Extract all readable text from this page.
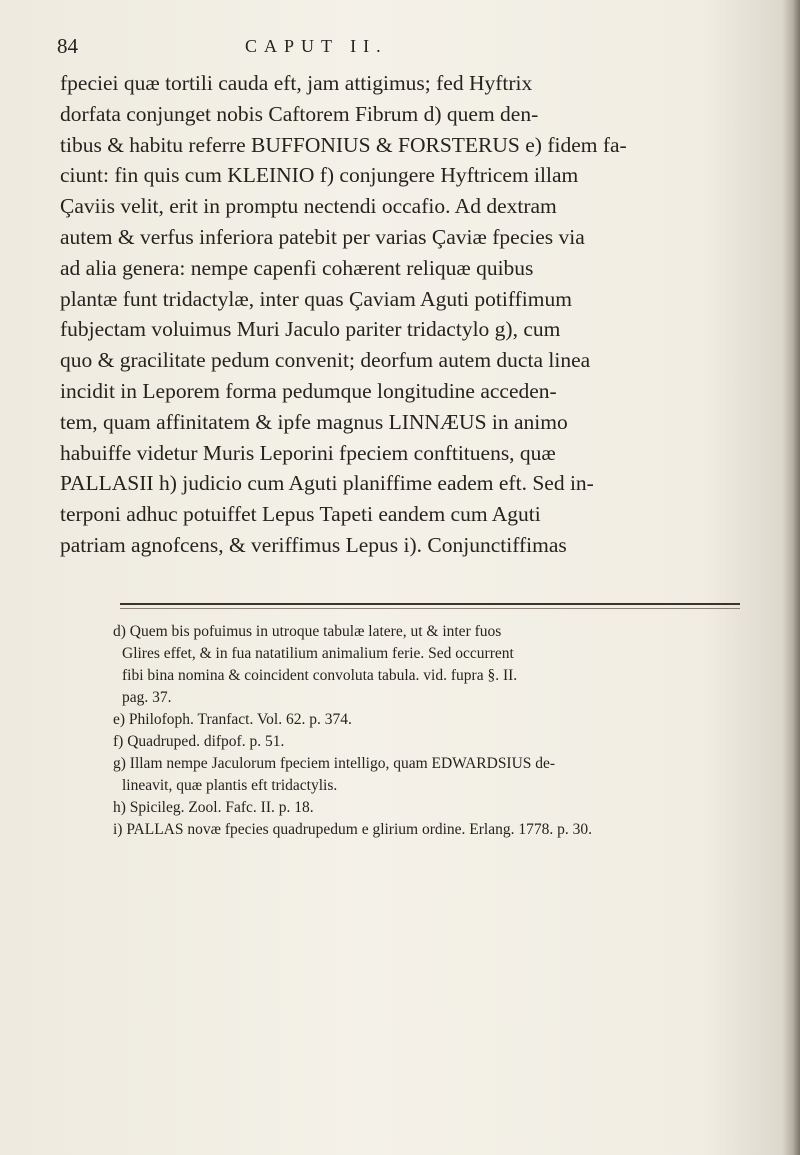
84	CAPUT II.
fpeciei quæ tortili cauda eft, jam attigimus; fed Hyftrix
dorfata conjunget nobis Caftorem Fibrum d) quem den-
tibus & habitu referre BUFFONIUS & FORSTERUS e) fidem fa-
ciunt: fin quis cum KLEINIO f) conjungere Hyftricem illam
Çaviis velit, erit in promptu nectendi occafio. Ad dextram
autem & verfus inferiora patebit per varias Çaviæ fpecies via
ad alia genera: nempe capenfi cohærent reliquæ quibus
plantæ funt tridactylæ, inter quas Çaviam Aguti potiffimum
fubjectam voluimus Muri Jaculo pariter tridactylo g), cum
quo & gracilitate pedum convenit; deorfum autem ducta linea
incidit in Leporem forma pedumque longitudine acceden-
tem, quam affinitatem & ipfe magnus LINNÆUS in animo
habuiffe videtur Muris Leporini fpeciem conftituens, quæ
PALLASII h) judicio cum Aguti planiffime eadem eft. Sed in-
terponi adhuc potuiffet Lepus Tapeti eandem cum Aguti
patriam agnofcens, & veriffimus Lepus i). Conjunctiffimas
d) Quem bis pofuimus in utroque tabulæ latere, ut & inter fuos
Glires effet, & in fua natatilium animalium ferie. Sed occurrent
fibi bina nomina & coincident convoluta tabula. vid. fupra §. II.
pag. 37.
e) Philofoph. Tranfact. Vol. 62. p. 374.
f) Quadruped. difpof. p. 51.
g) Illam nempe Jaculorum fpeciem intelligo, quam EDWARDSIUS de-
lineavit, quæ plantis eft tridactylis.
h) Spicileg. Zool. Fafc. II. p. 18.
i) PALLAS novæ fpecies quadrupedum e glirium ordine. Erlang. 1778. p. 30.
